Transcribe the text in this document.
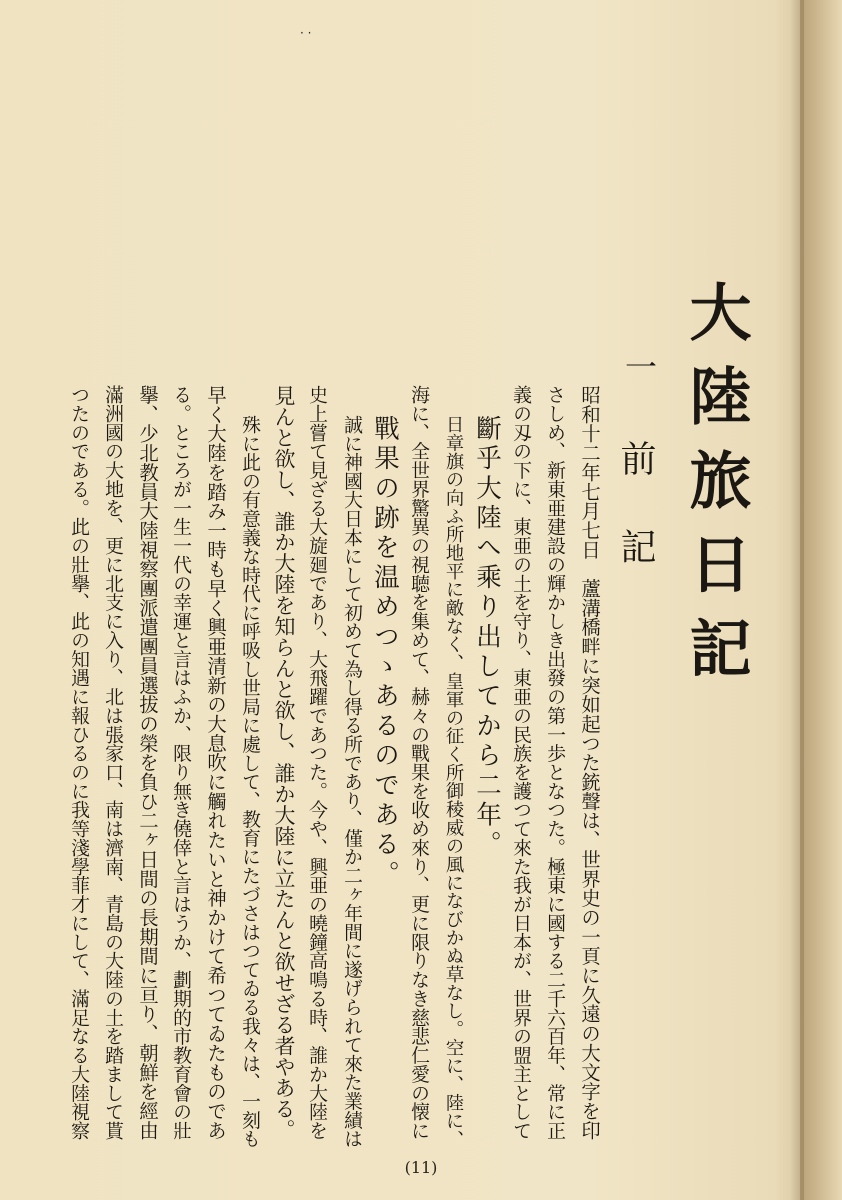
· ·
大陸旅日記
一
前記
昭和十二年七月七日　蘆溝橋畔に突如起つた銃聲は、世界史の一頁に久遠の大文字を印
さしめ、新東亜建設の輝かしき出發の第一歩となつた。極東に國する二千六百年、常に正
義の刄の下に、東亜の土を守り、東亜の民族を護つて來た我が日本が、世界の盟主として
斷乎大陸へ乘り出してから二年。
日章旗の向ふ所地平に敵なく、皇軍の征く所御稜威の風になびかぬ草なし。空に、陸に、
海に、全世界驚異の視聴を集めて、赫々の戰果を收め來り、更に限りなき慈悲仁愛の懐に
戰果の跡を温めつゝあるのである。
誠に神國大日本にして初めて為し得る所であり、僅か二ヶ年間に遂げられて來た業績は
史上嘗て見ざる大旋廻であり、大飛躍であつた。今や、興亜の曉鐘高鳴る時、誰か大陸を
見んと欲し、誰か大陸を知らんと欲し、誰か大陸に立たんと欲せざる者やある。
殊に此の有意義な時代に呼吸し世局に處して、教育にたづさはつてゐる我々は、一刻も
早く大陸を踏み一時も早く興亜清新の大息吹に觸れたいと神かけて希つてゐたものであ
る。ところが一生一代の幸運と言はふか、限り無き僥倖と言はうか、劃期的市教育會の壯
擧、少北教員大陸視察團派遣團員選拔の榮を負ひ二ヶ日間の長期間に亘り、朝鮮を經由
滿洲國の大地を、更に北支に入り、北は張家口、南は濟南、青島の大陸の土を踏まして貰
つたのである。此の壯擧、此の知遇に報ひるのに我等淺學菲才にして、滿足なる大陸視察
(11)
